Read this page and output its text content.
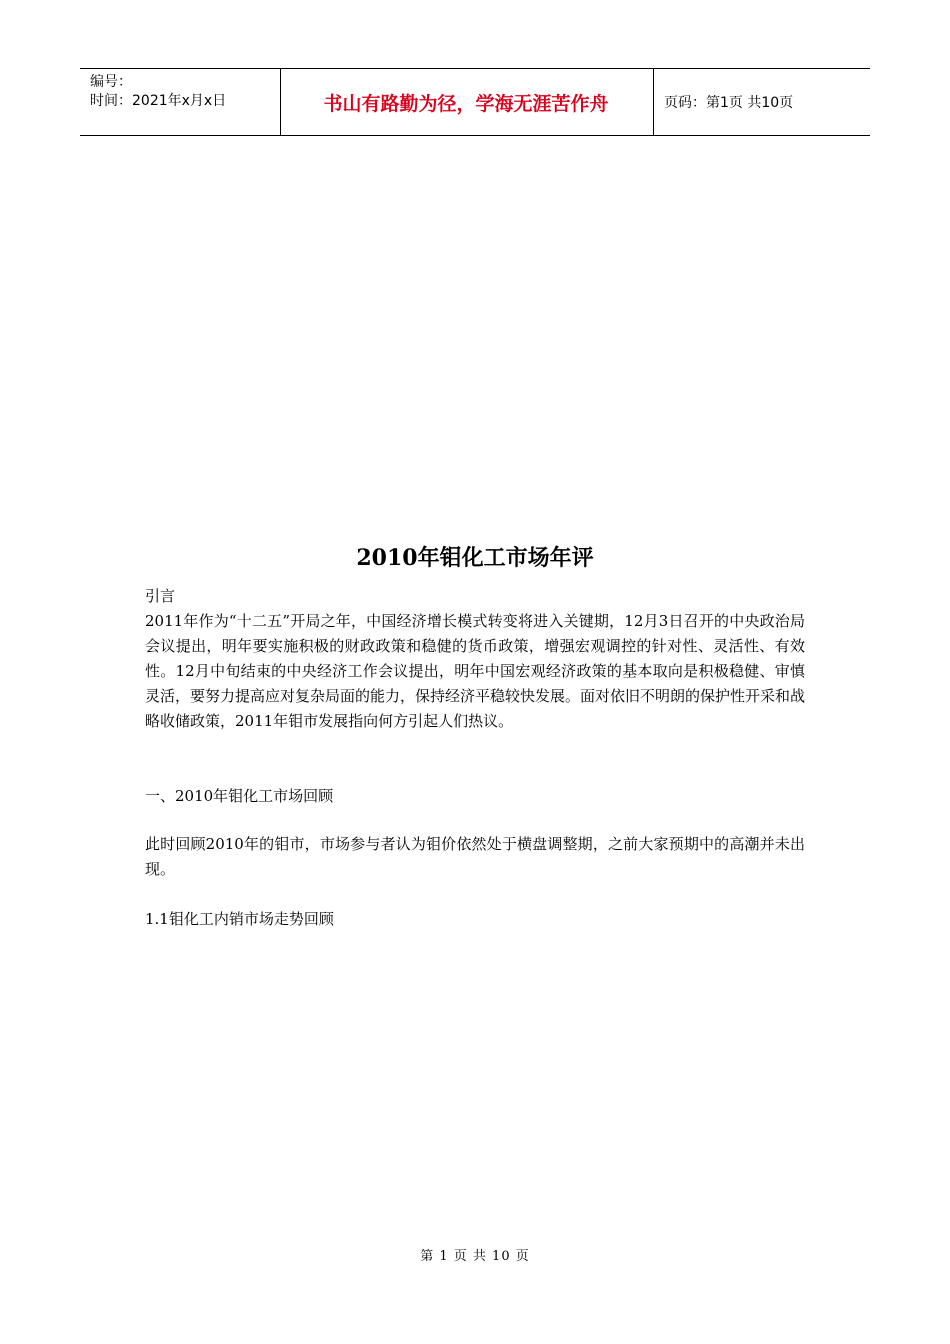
编号：
时间：2021年x月x日	书山有路勤为径，学海无涯苦作舟	页码：第1页 共10页
2010年钼化工市场年评

引言

2011年作为“十二五”开局之年，中国经济增长模式转变将进入关键期，12月3日召开的中央政治局会议提出，明年要实施积极的财政政策和稳健的货币政策，增强宏观调控的针对性、灵活性、有效性。12月中旬结束的中央经济工作会议提出，明年中国宏观经济政策的基本取向是积极稳健、审慎灵活，要努力提高应对复杂局面的能力，保持经济平稳较快发展。面对依旧不明朗的保护性开采和战略收储政策，2011年钼市发展指向何方引起人们热议。

一、2010年钼化工市场回顾

此时回顾2010年的钼市，市场参与者认为钼价依然处于横盘调整期，之前大家预期中的高潮并未出现。

1.1钼化工内销市场走势回顾

第 1 页 共 10 页
